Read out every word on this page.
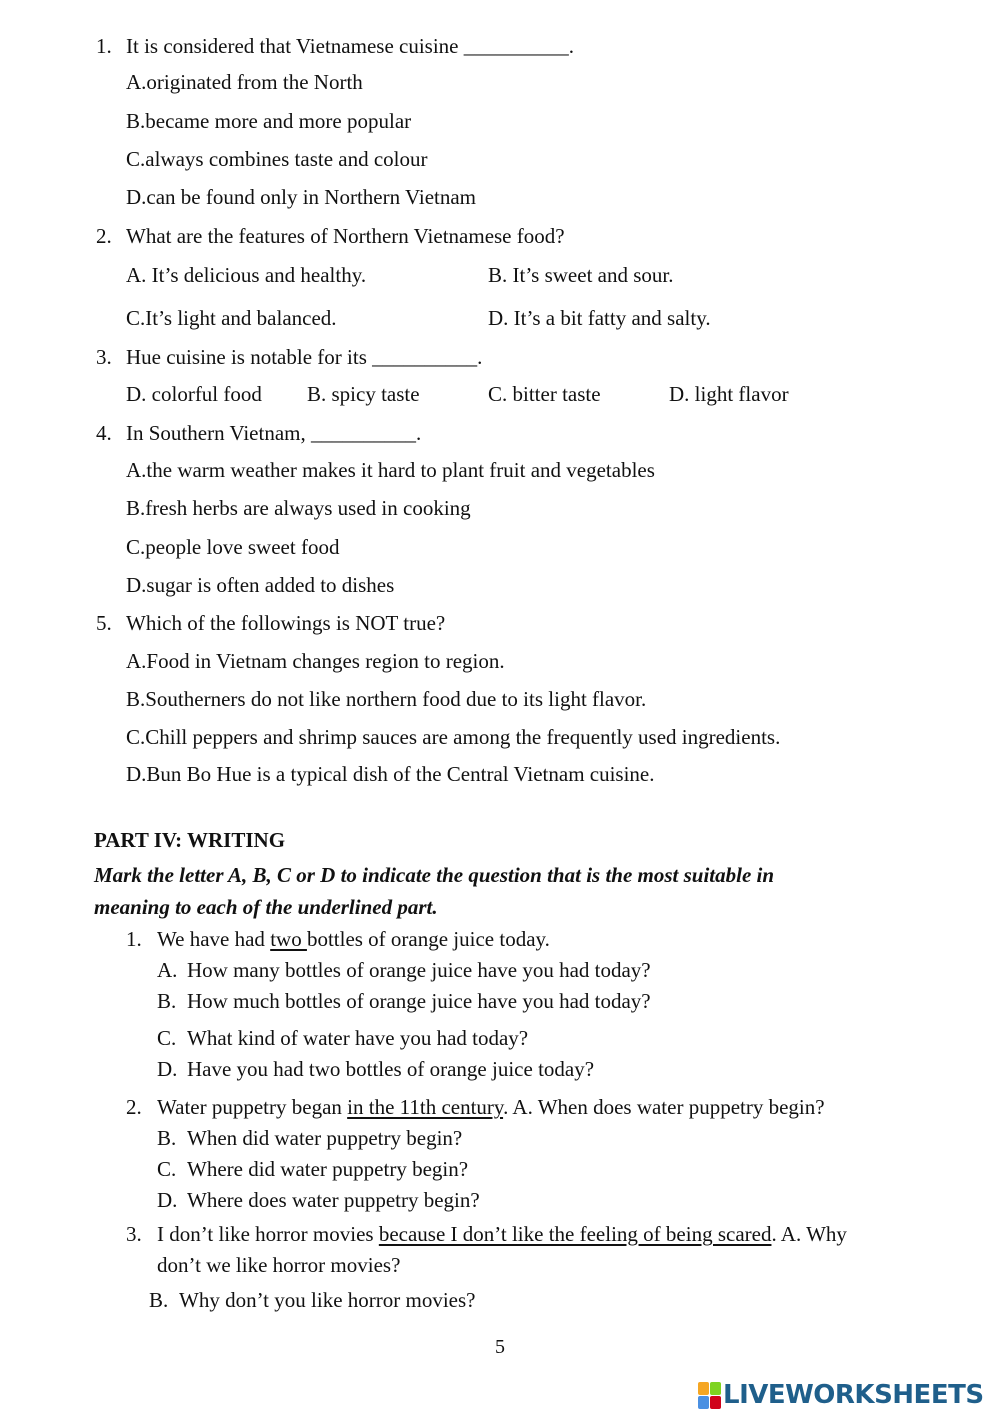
1. It is considered that Vietnamese cuisine __________.
A.originated from the North
B.became more and more popular
C.always combines taste and colour
D.can be found only in Northern Vietnam
2. What are the features of Northern Vietnamese food?
A. It’s delicious and healthy.	B. It’s sweet and sour.
C.It’s light and balanced.	D. It’s a bit fatty and salty.
3. Hue cuisine is notable for its __________.
D. colorful food B. spicy taste	C. bitter taste	D. light flavor
4. In Southern Vietnam, __________.
A.the warm weather makes it hard to plant fruit and vegetables
B.fresh herbs are always used in cooking
C.people love sweet food
D.sugar is often added to dishes
5. Which of the followings is NOT true?
A.Food in Vietnam changes region to region.
B.Southerners do not like northern food due to its light flavor.
C.Chill peppers and shrimp sauces are among the frequently used ingredients.
D.Bun Bo Hue is a typical dish of the Central Vietnam cuisine.
PART IV: WRITING
Mark the letter A, B, C or D to indicate the question that is the most suitable in
meaning to each of the underlined part.
1. We have had two bottles of orange juice today.
A. How many bottles of orange juice have you had today?
B. How much bottles of orange juice have you had today?
C. What kind of water have you had today?
D. Have you had two bottles of orange juice today?
2. Water puppetry began in the 11th century. A. When does water puppetry begin?
B. When did water puppetry begin?
C. Where did water puppetry begin?
D. Where does water puppetry begin?
3. I don’t like horror movies because I don’t like the feeling of being scared. A. Why
don’t we like horror movies?
B. Why don’t you like horror movies?
5
LIVEWORKSHEETS
